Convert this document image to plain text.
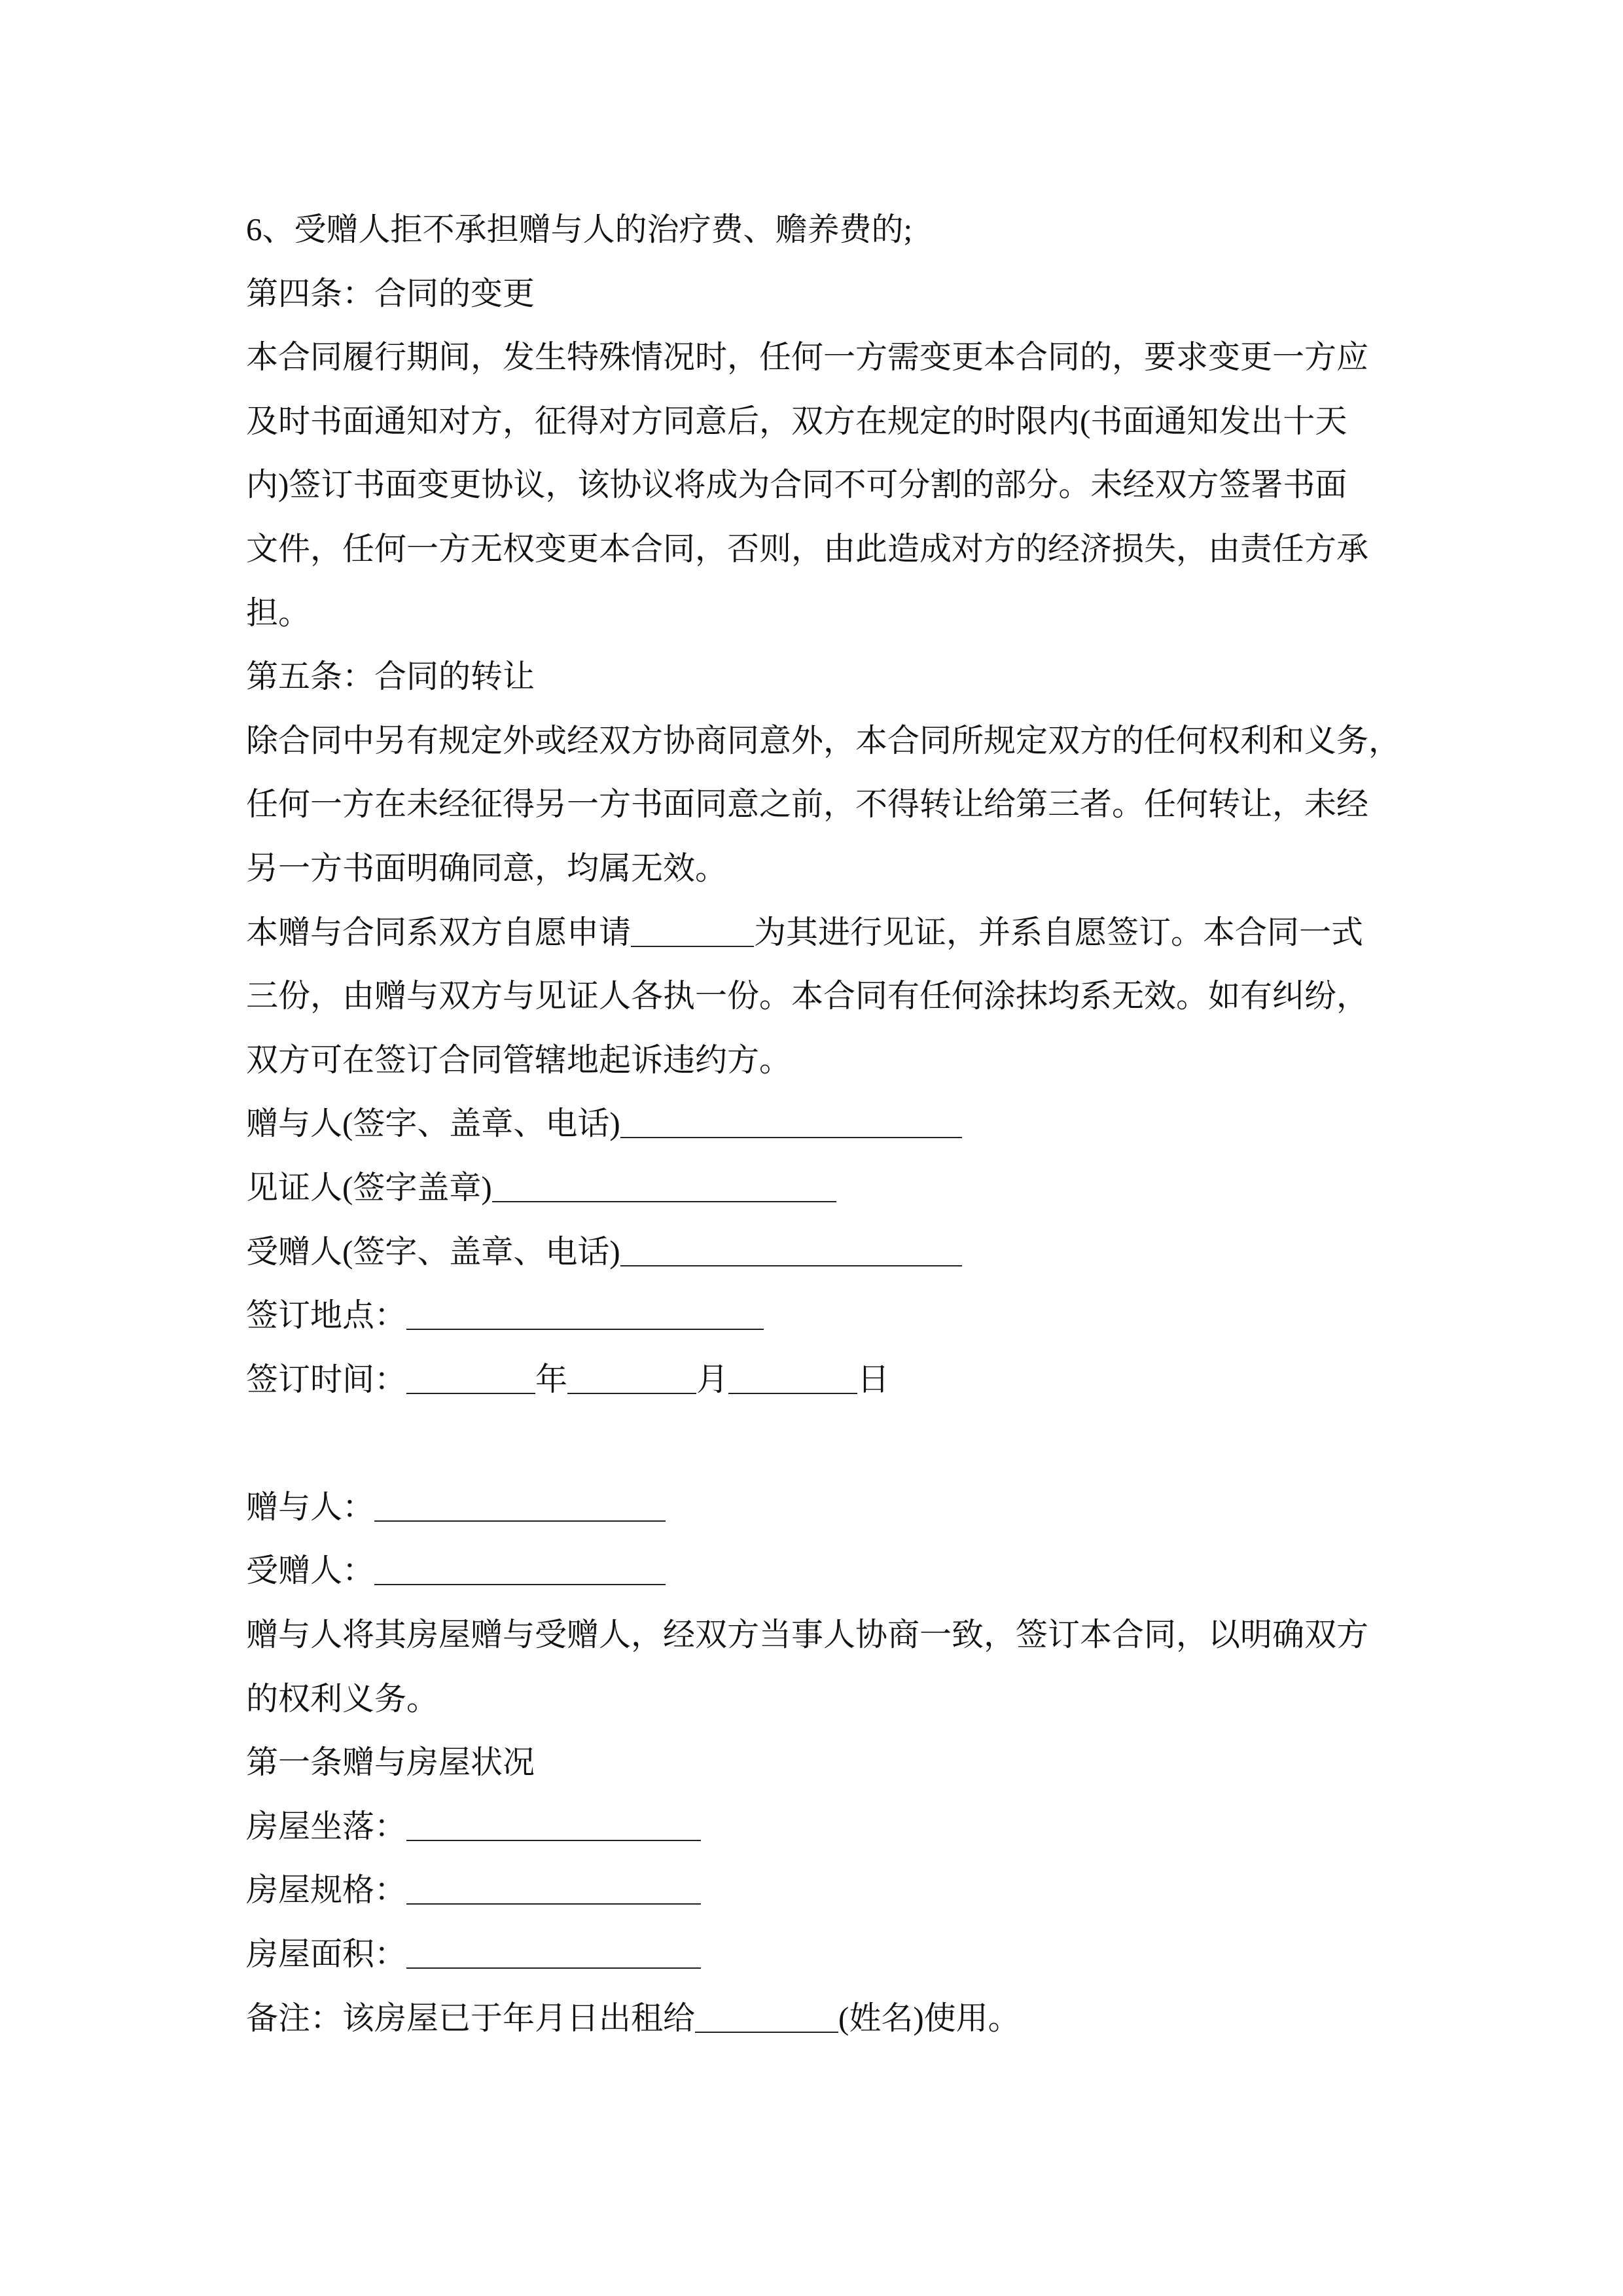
6、受赠人拒不承担赠与人的治疗费、赡养费的;
第四条：合同的变更
本合同履行期间，发生特殊情况时，任何一方需变更本合同的，要求变更一方应
及时书面通知对方，征得对方同意后，双方在规定的时限内(书面通知发出十天
内)签订书面变更协议，该协议将成为合同不可分割的部分。未经双方签署书面
文件，任何一方无权变更本合同，否则，由此造成对方的经济损失，由责任方承
担。
第五条：合同的转让
除合同中另有规定外或经双方协商同意外，本合同所规定双方的任何权利和义务，
任何一方在未经征得另一方书面同意之前，不得转让给第三者。任何转让，未经
另一方书面明确同意，均属无效。
本赠与合同系双方自愿申请	为其进行见证，并系自愿签订。本合同一式
三份，由赠与双方与见证人各执一份。本合同有任何涂抹均系无效。如有纠纷，
双方可在签订合同管辖地起诉违约方。
赠与人(签字、盖章、电话)
见证人(签字盖章)
受赠人(签字、盖章、电话)
签订地点：
签订时间：	年	月	日
赠与人：
受赠人：
赠与人将其房屋赠与受赠人，经双方当事人协商一致，签订本合同，以明确双方
的权利义务。
第一条赠与房屋状况
房屋坐落：
房屋规格：
房屋面积：
备注：该房屋已于年月日出租给	(姓名)使用。
